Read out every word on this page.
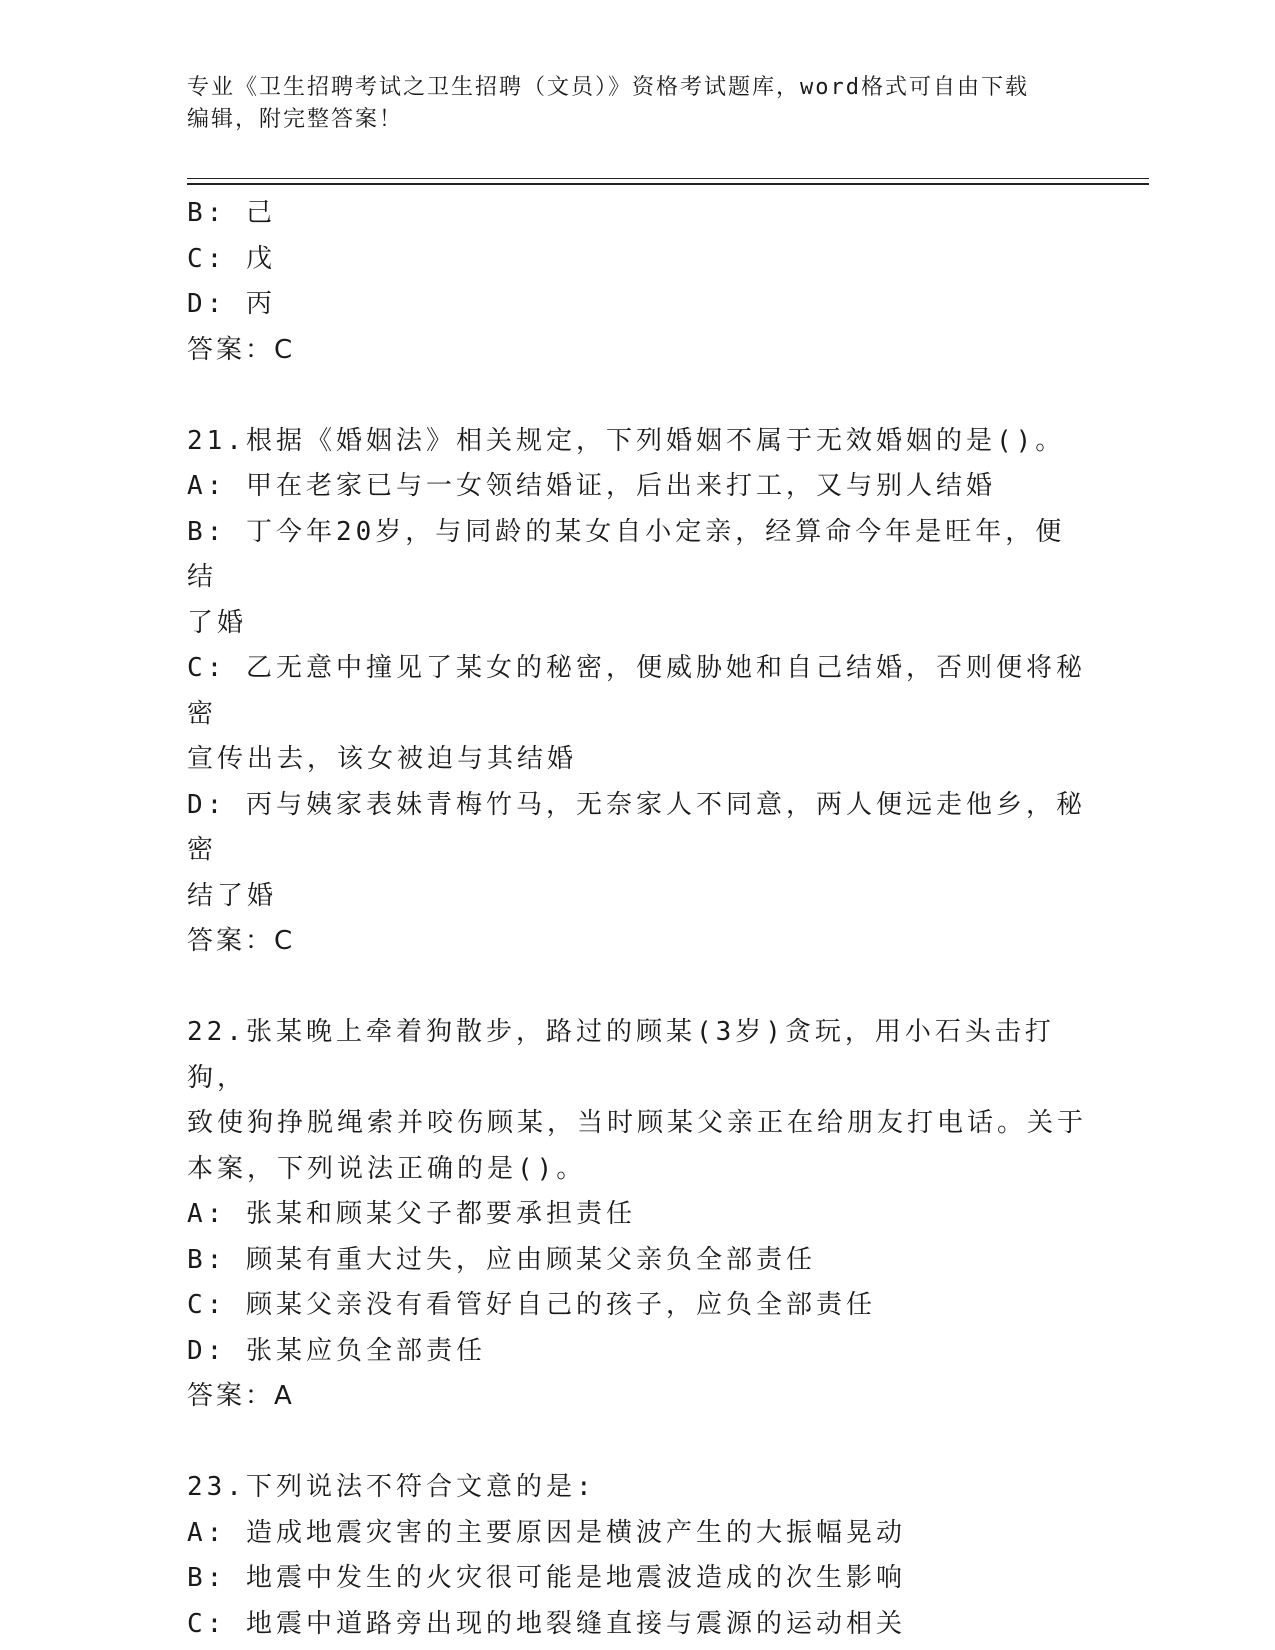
专业《卫生招聘考试之卫生招聘（文员）》资格考试题库，word格式可自由下载
编辑，附完整答案！
B: 己
C: 戊
D: 丙
答案：C
21.根据《婚姻法》相关规定，下列婚姻不属于无效婚姻的是()。
A: 甲在老家已与一女领结婚证，后出来打工，又与别人结婚
B: 丁今年20岁，与同龄的某女自小定亲，经算命今年是旺年，便结
了婚
C: 乙无意中撞见了某女的秘密，便威胁她和自己结婚，否则便将秘密
宣传出去，该女被迫与其结婚
D: 丙与姨家表妹青梅竹马，无奈家人不同意，两人便远走他乡，秘密
结了婚
答案：C
22.张某晚上牵着狗散步，路过的顾某(3岁)贪玩，用小石头击打狗，
致使狗挣脱绳索并咬伤顾某，当时顾某父亲正在给朋友打电话。关于
本案，下列说法正确的是()。
A: 张某和顾某父子都要承担责任
B: 顾某有重大过失，应由顾某父亲负全部责任
C: 顾某父亲没有看管好自己的孩子，应负全部责任
D: 张某应负全部责任
答案：A
23.下列说法不符合文意的是:
A: 造成地震灾害的主要原因是横波产生的大振幅晃动
B: 地震中发生的火灾很可能是地震波造成的次生影响
C: 地震中道路旁出现的地裂缝直接与震源的运动相关
